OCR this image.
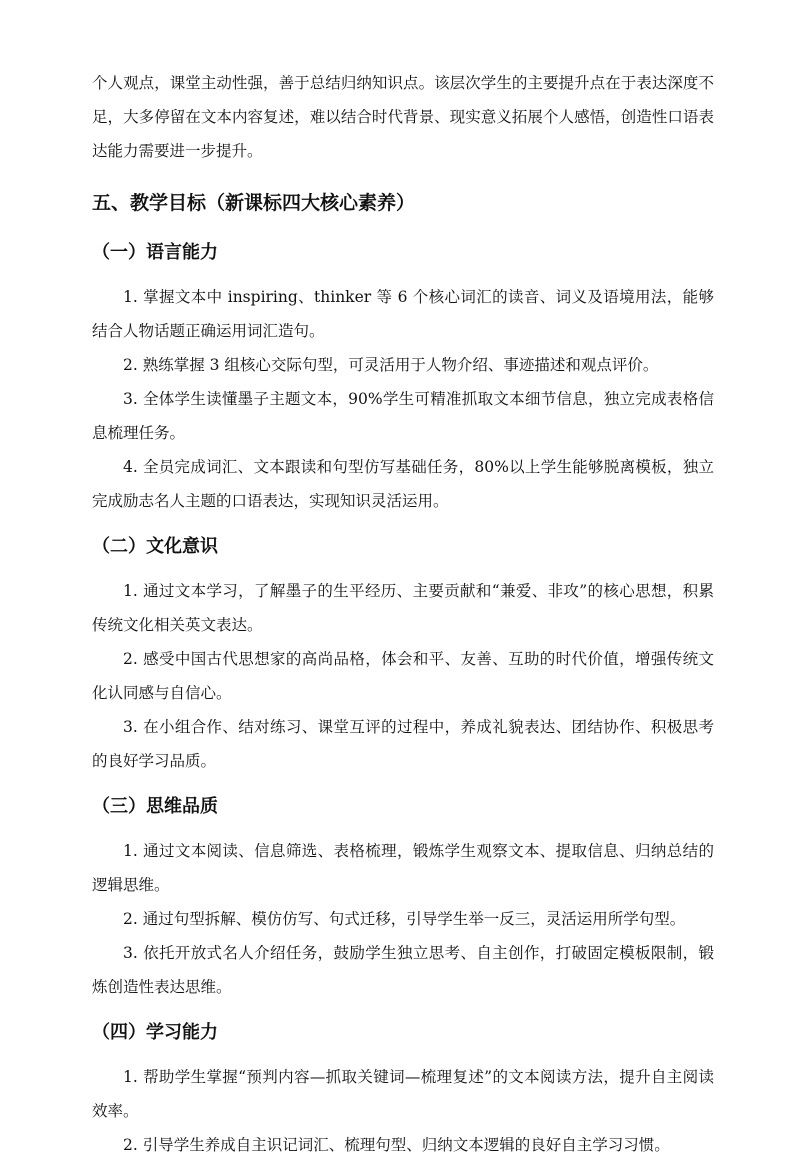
个人观点，课堂主动性强，善于总结归纳知识点。该层次学生的主要提升点在于表达深度不足，大多停留在文本内容复述，难以结合时代背景、现实意义拓展个人感悟，创造性口语表达能力需要进一步提升。

五、教学目标（新课标四大核心素养）
（一）语言能力

1. 掌握文本中 inspiring、thinker 等 6 个核心词汇的读音、词义及语境用法，能够结合人物话题正确运用词汇造句。

2. 熟练掌握 3 组核心交际句型，可灵活用于人物介绍、事迹描述和观点评价。

3. 全体学生读懂墨子主题文本，90%学生可精准抓取文本细节信息，独立完成表格信息梳理任务。

4. 全员完成词汇、文本跟读和句型仿写基础任务，80%以上学生能够脱离模板，独立完成励志名人主题的口语表达，实现知识灵活运用。

（二）文化意识

1. 通过文本学习，了解墨子的生平经历、主要贡献和“兼爱、非攻”的核心思想，积累传统文化相关英文表达。

2. 感受中国古代思想家的高尚品格，体会和平、友善、互助的时代价值，增强传统文化认同感与自信心。

3. 在小组合作、结对练习、课堂互评的过程中，养成礼貌表达、团结协作、积极思考的良好学习品质。

（三）思维品质

1. 通过文本阅读、信息筛选、表格梳理，锻炼学生观察文本、提取信息、归纳总结的逻辑思维。

2. 通过句型拆解、模仿仿写、句式迁移，引导学生举一反三，灵活运用所学句型。

3. 依托开放式名人介绍任务，鼓励学生独立思考、自主创作，打破固定模板限制，锻炼创造性表达思维。

（四）学习能力

1. 帮助学生掌握“预判内容—抓取关键词—梳理复述”的文本阅读方法，提升自主阅读效率。

2. 引导学生养成自主识记词汇、梳理句型、归纳文本逻辑的良好自主学习习惯。
